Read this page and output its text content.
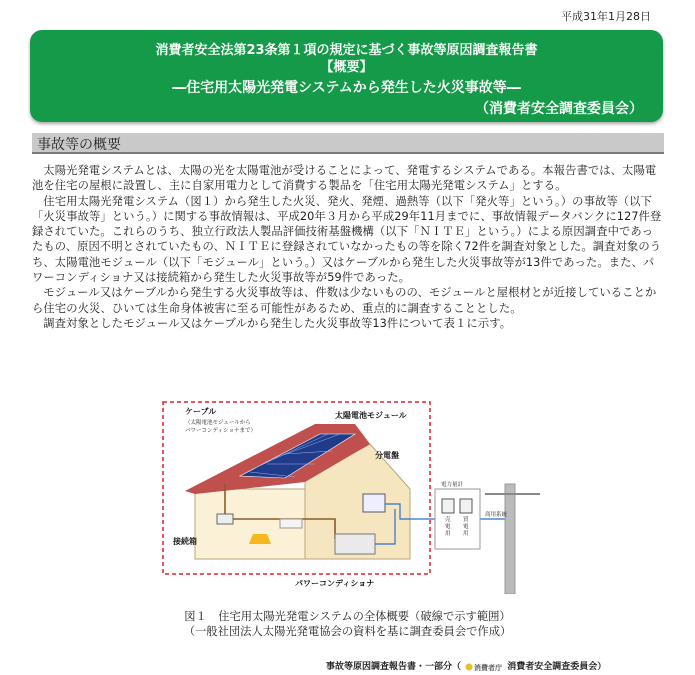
平成31年1月28日
消費者安全法第23条第１項の規定に基づく事故等原因調査報告書
【概要】
―住宅用太陽光発電システムから発生した火災事故等―
（消費者安全調査委員会）
事故等の概要

太陽光発電システムとは、太陽の光を太陽電池が受けることによって、発電するシステムである。本報告書では、太陽電池を住宅の屋根に設置し、主に自家用電力として消費する製品を「住宅用太陽光発電システム」とする。

住宅用太陽光発電システム（図１）から発生した火災、発火、発煙、過熱等（以下「発火等」という。）の事故等（以下「火災事故等」という。）に関する事故情報は、平成20年３月から平成29年11月までに、事故情報データバンクに127件登録されていた。これらのうち、独立行政法人製品評価技術基盤機構（以下「ＮＩＴＥ」という。）による原因調査中であったもの、原因不明とされていたもの、ＮＩＴＥに登録されていなかったもの等を除く72件を調査対象とした。調査対象のうち、太陽電池モジュール（以下「モジュール」という。）又はケーブルから発生した火災事故等が13件であった。また、パワーコンディショナ又は接続箱から発生した火災事故等が59件であった。

モジュール又はケーブルから発生する火災事故等は、件数は少ないものの、モジュールと屋根材とが近接していることから住宅の火災、ひいては生命身体被害に至る可能性があるため、重点的に調査することとした。

調査対象としたモジュール又はケーブルから発生した火災事故等13件について表１に示す。

ケーブル
（太陽電池モジュールから
パワーコンディショナまで）
太陽電池モジュール
分電盤
電力量計
売
電
用
買
電
用
商用系統
接続箱
パワーコンディショナ
図１　住宅用太陽光発電システムの全体概要（破線で示す範囲）
（一般社団法人太陽光発電協会の資料を基に調査委員会で作成）
事故等原因調査報告書・一部分（ 消費者庁 消費者安全調査委員会）
